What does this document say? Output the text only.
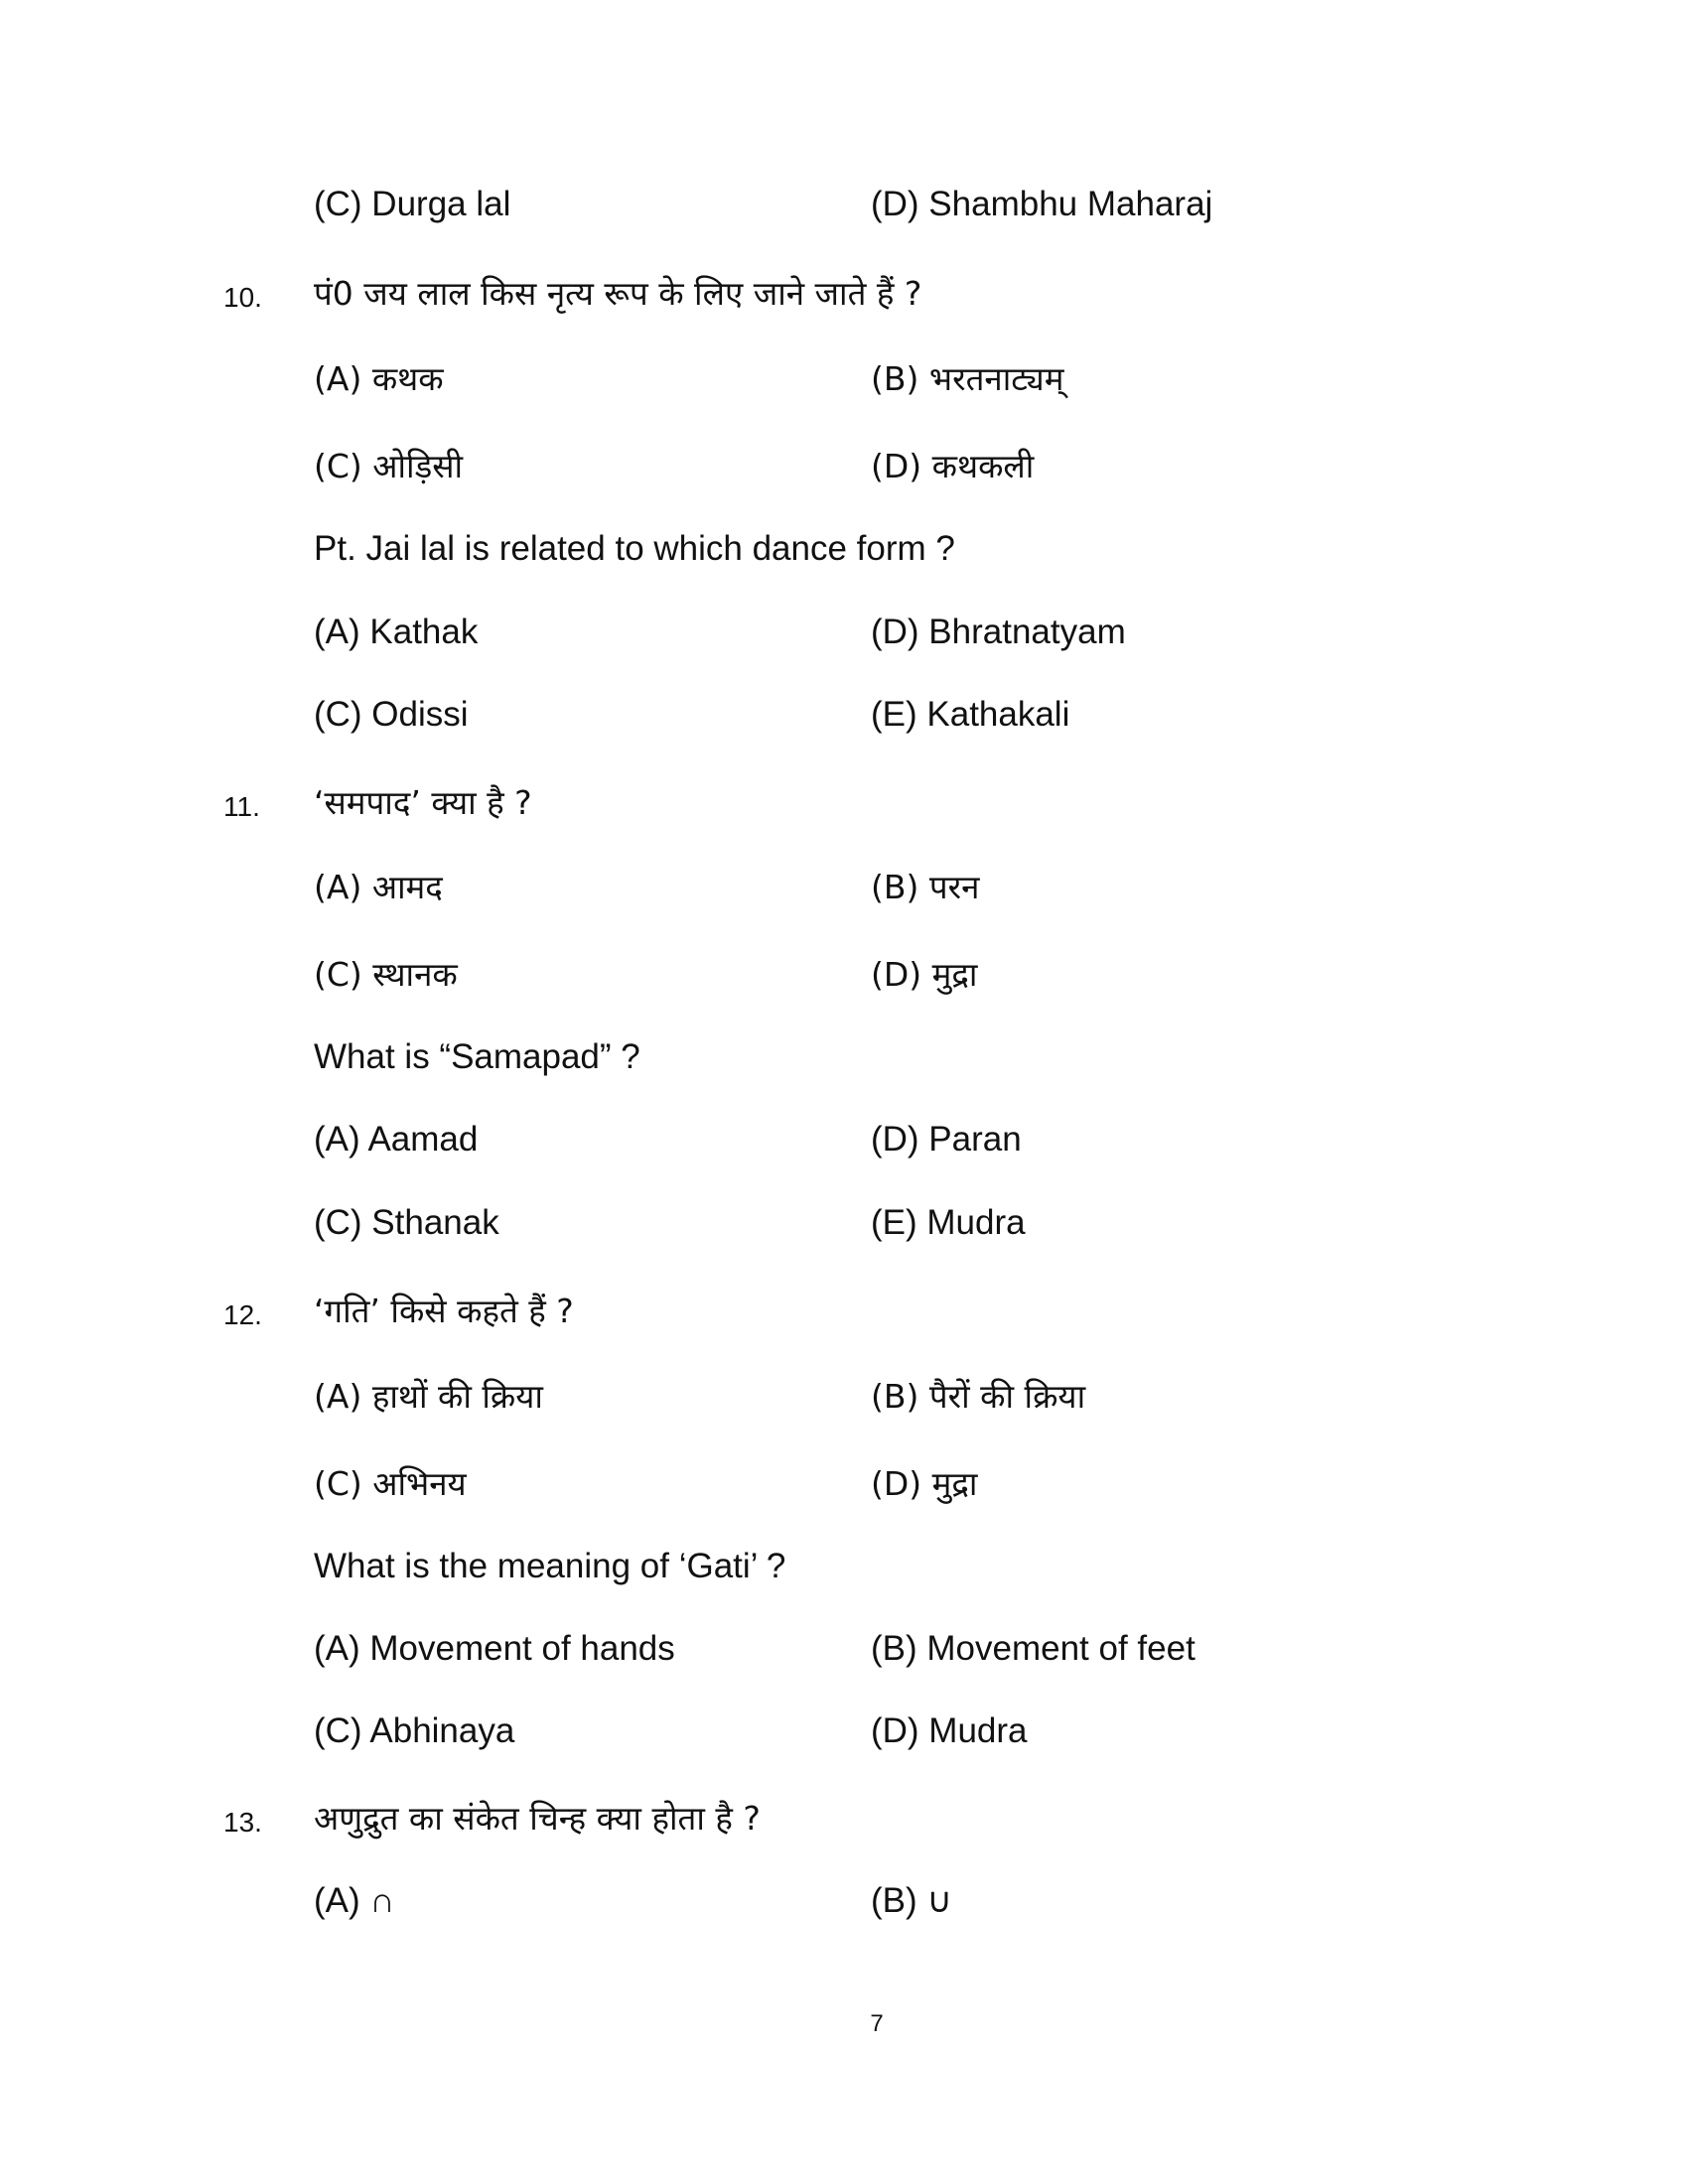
(C) Durga lal	(D) Shambhu Maharaj
10. पं0 जय लाल किस नृत्य रूप के लिए जाने जाते हैं ?
(A) कथक	(B) भरतनाट्यम्
(C) ओड़िसी	(D) कथकली
Pt. Jai lal is related to which dance form ?
(A) Kathak	(D) Bhratnatyam
(C) Odissi	(E) Kathakali
11. ‘समपाद’ क्या है ?
(A) आमद	(B) परन
(C) स्थानक	(D) मुद्रा
What is “Samapad” ?
(A) Aamad	(D) Paran
(C) Sthanak	(E) Mudra
12. ‘गति’ किसे कहते हैं ?
(A) हाथों की क्रिया	(B) पैरों की क्रिया
(C) अभिनय	(D) मुद्रा
What is the meaning of ‘Gati’ ?
(A) Movement of hands	(B) Movement of feet
(C) Abhinaya	(D) Mudra
13. अणुद्रुत का संकेत चिन्ह क्या होता है ?
(A) ∩	(B) ∪
7
